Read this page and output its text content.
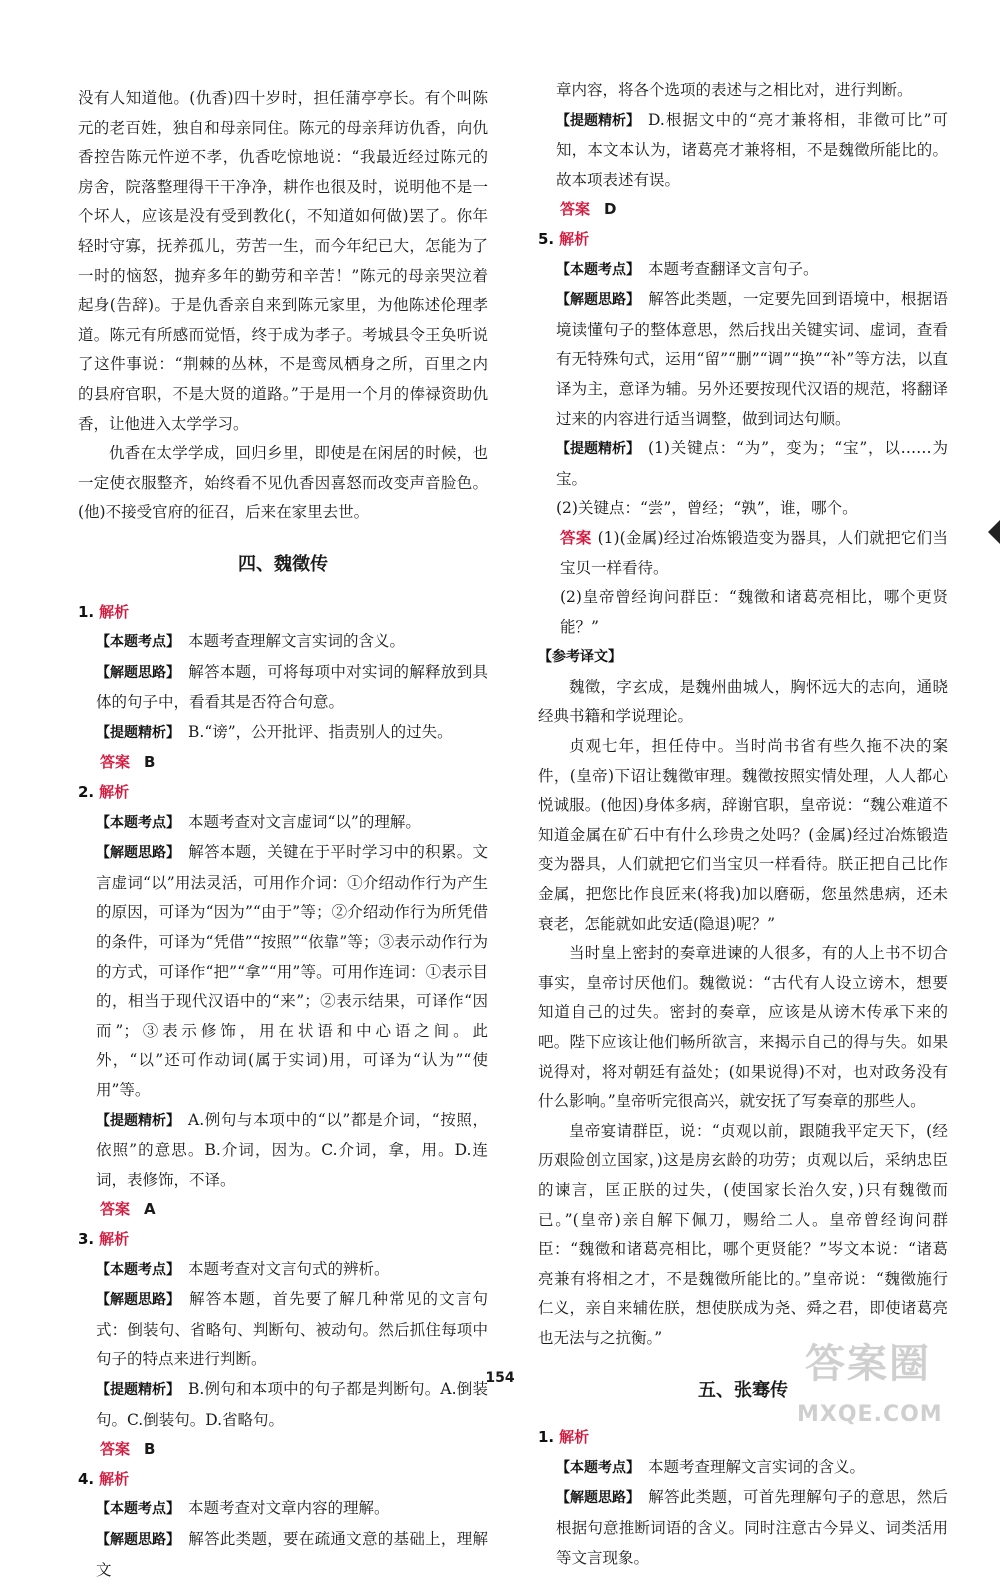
没有人知道他。(仇香)四十岁时，担任蒲亭亭长。有个叫陈元的老百姓，独自和母亲同住。陈元的母亲拜访仇香，向仇香控告陈元忤逆不孝，仇香吃惊地说：“我最近经过陈元的房舍，院落整理得干干净净，耕作也很及时，说明他不是一个坏人，应该是没有受到教化(，不知道如何做)罢了。你年轻时守寡，抚养孤儿，劳苦一生，而今年纪已大，怎能为了一时的恼怒，抛弃多年的勤劳和辛苦！”陈元的母亲哭泣着起身(告辞)。于是仇香亲自来到陈元家里，为他陈述伦理孝道。陈元有所感而觉悟，终于成为孝子。考城县令王奂听说了这件事说：“荆棘的丛林，不是鸾凤栖身之所，百里之内的县府官职，不是大贤的道路。”于是用一个月的俸禄资助仇香，让他进入太学学习。

仇香在太学学成，回归乡里，即使是在闲居的时候，也一定使衣服整齐，始终看不见仇香因喜怒而改变声音脸色。(他)不接受官府的征召，后来在家里去世。

四、魏徵传
1. 解析

【本题考点】 本题考查理解文言实词的含义。

【解题思路】 解答本题，可将每项中对实词的解释放到具体的句子中，看看其是否符合句意。

【提题精析】 B.“谤”，公开批评、指责别人的过失。

答案 B
2. 解析

【本题考点】 本题考查对文言虚词“以”的理解。

【解题思路】 解答本题，关键在于平时学习中的积累。文言虚词“以”用法灵活，可用作介词：①介绍动作行为产生的原因，可译为“因为”“由于”等；②介绍动作行为所凭借的条件，可译为“凭借”“按照”“依靠”等；③表示动作行为的方式，可译作“把”“拿”“用”等。可用作连词：①表示目的，相当于现代汉语中的“来”；②表示结果，可译作“因而”；③表示修饰，用在状语和中心语之间。此外，“以”还可作动词(属于实词)用，可译为“认为”“使用”等。

【提题精析】 A.例句与本项中的“以”都是介词，“按照，依照”的意思。B.介词，因为。C.介词，拿，用。D.连词，表修饰，不译。

答案 A
3. 解析

【本题考点】 本题考查对文言句式的辨析。

【解题思路】 解答本题，首先要了解几种常见的文言句式：倒装句、省略句、判断句、被动句。然后抓住每项中句子的特点来进行判断。

【提题精析】 B.例句和本项中的句子都是判断句。A.倒装句。C.倒装句。D.省略句。

答案 B
4. 解析

【本题考点】 本题考查对文章内容的理解。

【解题思路】 解答此类题，要在疏通文意的基础上，理解文

章内容，将各个选项的表述与之相比对，进行判断。

【提题精析】 D.根据文中的“亮才兼将相，非徵可比”可知，本文本认为，诸葛亮才兼将相，不是魏徵所能比的。故本项表述有误。

答案 D
5. 解析

【本题考点】 本题考查翻译文言句子。

【解题思路】 解答此类题，一定要先回到语境中，根据语境读懂句子的整体意思，然后找出关键实词、虚词，查看有无特殊句式，运用“留”“删”“调”“换”“补”等方法，以直译为主，意译为辅。另外还要按现代汉语的规范，将翻译过来的内容进行适当调整，做到词达句顺。

【提题精析】 (1)关键点：“为”，变为；“宝”，以……为宝。

(2)关键点：“尝”，曾经；“孰”，谁，哪个。

答案 (1)(金属)经过冶炼锻造变为器具，人们就把它们当宝贝一样看待。

(2)皇帝曾经询问群臣：“魏徵和诸葛亮相比，哪个更贤能？”

【参考译文】

魏徵，字玄成，是魏州曲城人，胸怀远大的志向，通晓经典书籍和学说理论。

贞观七年，担任侍中。当时尚书省有些久拖不决的案件，(皇帝)下诏让魏徵审理。魏徵按照实情处理，人人都心悦诚服。(他因)身体多病，辞谢官职，皇帝说：“魏公难道不知道金属在矿石中有什么珍贵之处吗？(金属)经过冶炼锻造变为器具，人们就把它们当宝贝一样看待。朕正把自己比作金属，把您比作良匠来(将我)加以磨砺，您虽然患病，还未衰老，怎能就如此安适(隐退)呢？”

当时皇上密封的奏章进谏的人很多，有的人上书不切合事实，皇帝讨厌他们。魏徵说：“古代有人设立谤木，想要知道自己的过失。密封的奏章，应该是从谤木传承下来的吧。陛下应该让他们畅所欲言，来揭示自己的得与失。如果说得对，将对朝廷有益处；(如果说得)不对，也对政务没有什么影响。”皇帝听完很高兴，就安抚了写奏章的那些人。

皇帝宴请群臣，说：“贞观以前，跟随我平定天下，(经历艰险创立国家，)这是房玄龄的功劳；贞观以后，采纳忠臣的谏言，匡正朕的过失，(使国家长治久安，)只有魏徵而已。”(皇帝)亲自解下佩刀，赐给二人。皇帝曾经询问群臣：“魏徵和诸葛亮相比，哪个更贤能？”岑文本说：“诸葛亮兼有将相之才，不是魏徵所能比的。”皇帝说：“魏徵施行仁义，亲自来辅佐朕，想使朕成为尧、舜之君，即使诸葛亮也无法与之抗衡。”

五、张骞传
1. 解析

【本题考点】 本题考查理解文言实词的含义。

【解题思路】 解答此类题，可首先理解句子的意思，然后根据句意推断词语的含义。同时注意古今异义、词类活用等文言现象。

154	答案圈
MXQE.COM
